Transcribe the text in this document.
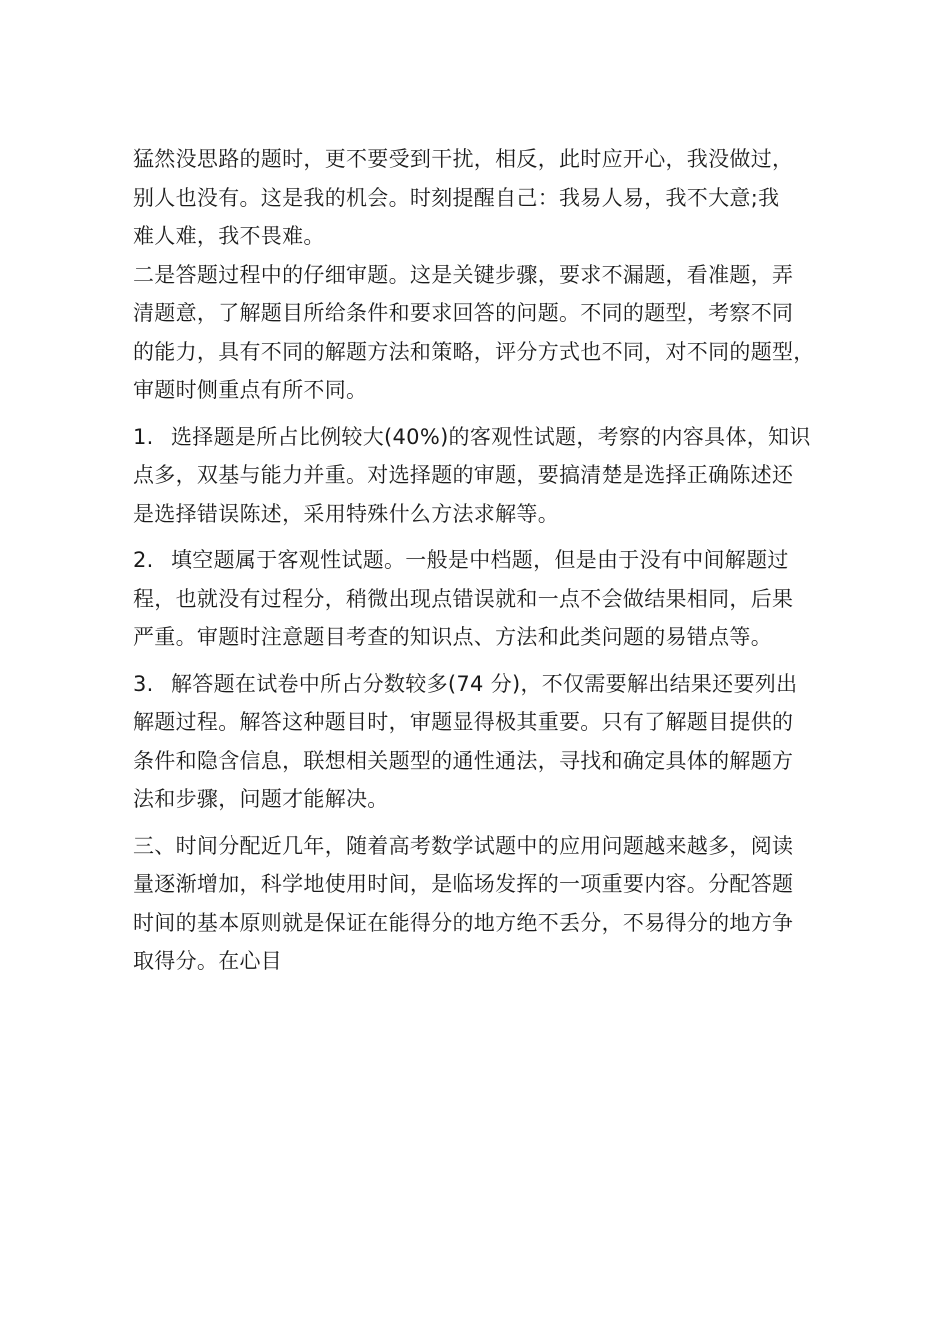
猛然没思路的题时，更不要受到干扰，相反，此时应开心，我没做过，
别人也没有。这是我的机会。时刻提醒自己：我易人易，我不大意;我
难人难，我不畏难。
二是答题过程中的仔细审题。这是关键步骤，要求不漏题，看准题，弄
清题意，了解题目所给条件和要求回答的问题。不同的题型，考察不同
的能力，具有不同的解题方法和策略，评分方式也不同，对不同的题型，
审题时侧重点有所不同。
1. 选择题是所占比例较大(40%)的客观性试题，考察的内容具体，知识
点多，双基与能力并重。对选择题的审题，要搞清楚是选择正确陈述还
是选择错误陈述，采用特殊什么方法求解等。
2. 填空题属于客观性试题。一般是中档题，但是由于没有中间解题过
程，也就没有过程分，稍微出现点错误就和一点不会做结果相同，后果
严重。审题时注意题目考查的知识点、方法和此类问题的易错点等。
3. 解答题在试卷中所占分数较多(74 分)，不仅需要解出结果还要列出
解题过程。解答这种题目时，审题显得极其重要。只有了解题目提供的
条件和隐含信息，联想相关题型的通性通法，寻找和确定具体的解题方
法和步骤，问题才能解决。
三、时间分配近几年，随着高考数学试题中的应用问题越来越多，阅读
量逐渐增加，科学地使用时间，是临场发挥的一项重要内容。分配答题
时间的基本原则就是保证在能得分的地方绝不丢分，不易得分的地方争
取得分。在心目
